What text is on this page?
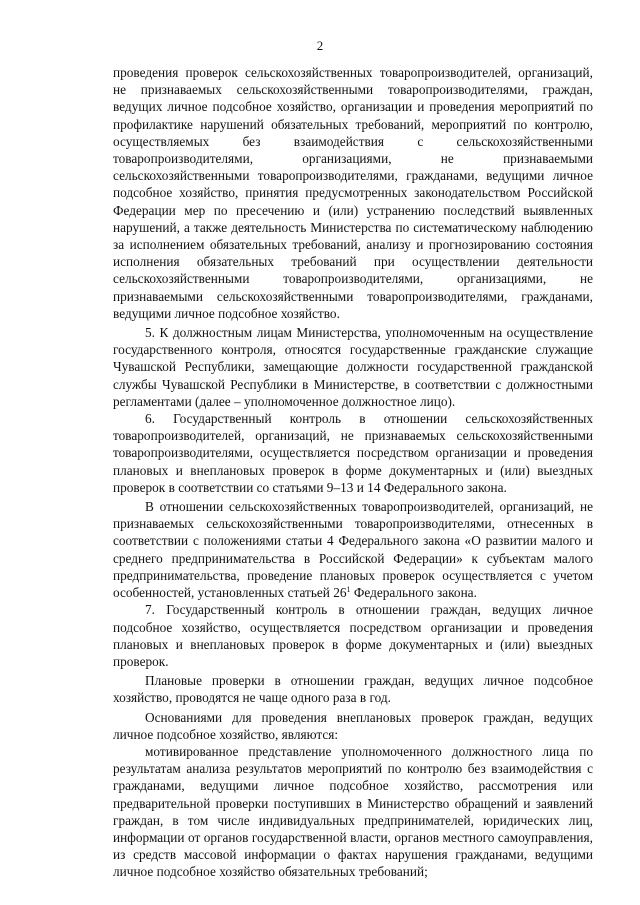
2

проведения проверок сельскохозяйственных товаропроизводителей, организаций, не признаваемых сельскохозяйственными товаропроизводителями, граждан, ведущих личное подсобное хозяйство, организации и проведения мероприятий по профилактике нарушений обязательных требований, мероприятий по контролю, осуществляемых без взаимодействия с сельскохозяйственными товаропроизводителями, организациями, не признаваемыми сельскохозяйственными товаропроизводителями, гражданами, ведущими личное подсобное хозяйство, принятия предусмотренных законодательством Российской Федерации мер по пресечению и (или) устранению последствий выявленных нарушений, а также деятельность Министерства по систематическому наблюдению за исполнением обязательных требований, анализу и прогнозированию состояния исполнения обязательных требований при осуществлении деятельности сельскохозяйственными товаропроизводителями, организациями, не признаваемыми сельскохозяйственными товаропроизводителями, гражданами, ведущими личное подсобное хозяйство.

5. К должностным лицам Министерства, уполномоченным на осуществление государственного контроля, относятся государственные гражданские служащие Чувашской Республики, замещающие должности государственной гражданской службы Чувашской Республики в Министерстве, в соответствии с должностными регламентами (далее – уполномоченное должностное лицо).

6. Государственный контроль в отношении сельскохозяйственных товаропроизводителей, организаций, не признаваемых сельскохозяйственными товаропроизводителями, осуществляется посредством организации и проведения плановых и внеплановых проверок в форме документарных и (или) выездных проверок в соответствии со статьями 9–13 и 14 Федерального закона.

В отношении сельскохозяйственных товаропроизводителей, организаций, не признаваемых сельскохозяйственными товаропроизводителями, отнесенных в соответствии с положениями статьи 4 Федерального закона «О развитии малого и среднего предпринимательства в Российской Федерации» к субъектам малого предпринимательства, проведение плановых проверок осуществляется с учетом особенностей, установленных статьей $26^1$ Федерального закона.

7. Государственный контроль в отношении граждан, ведущих личное подсобное хозяйство, осуществляется посредством организации и проведения плановых и внеплановых проверок в форме документарных и (или) выездных проверок.

Плановые проверки в отношении граждан, ведущих личное подсобное хозяйство, проводятся не чаще одного раза в год.

Основаниями для проведения внеплановых проверок граждан, ведущих личное подсобное хозяйство, являются:

мотивированное представление уполномоченного должностного лица по результатам анализа результатов мероприятий по контролю без взаимодействия с гражданами, ведущими личное подсобное хозяйство, рассмотрения или предварительной проверки поступивших в Министерство обращений и заявлений граждан, в том числе индивидуальных предпринимателей, юридических лиц, информации от органов государственной власти, органов местного самоуправления, из средств массовой информации о фактах нарушения гражданами, ведущими личное подсобное хозяйство обязательных требований;
